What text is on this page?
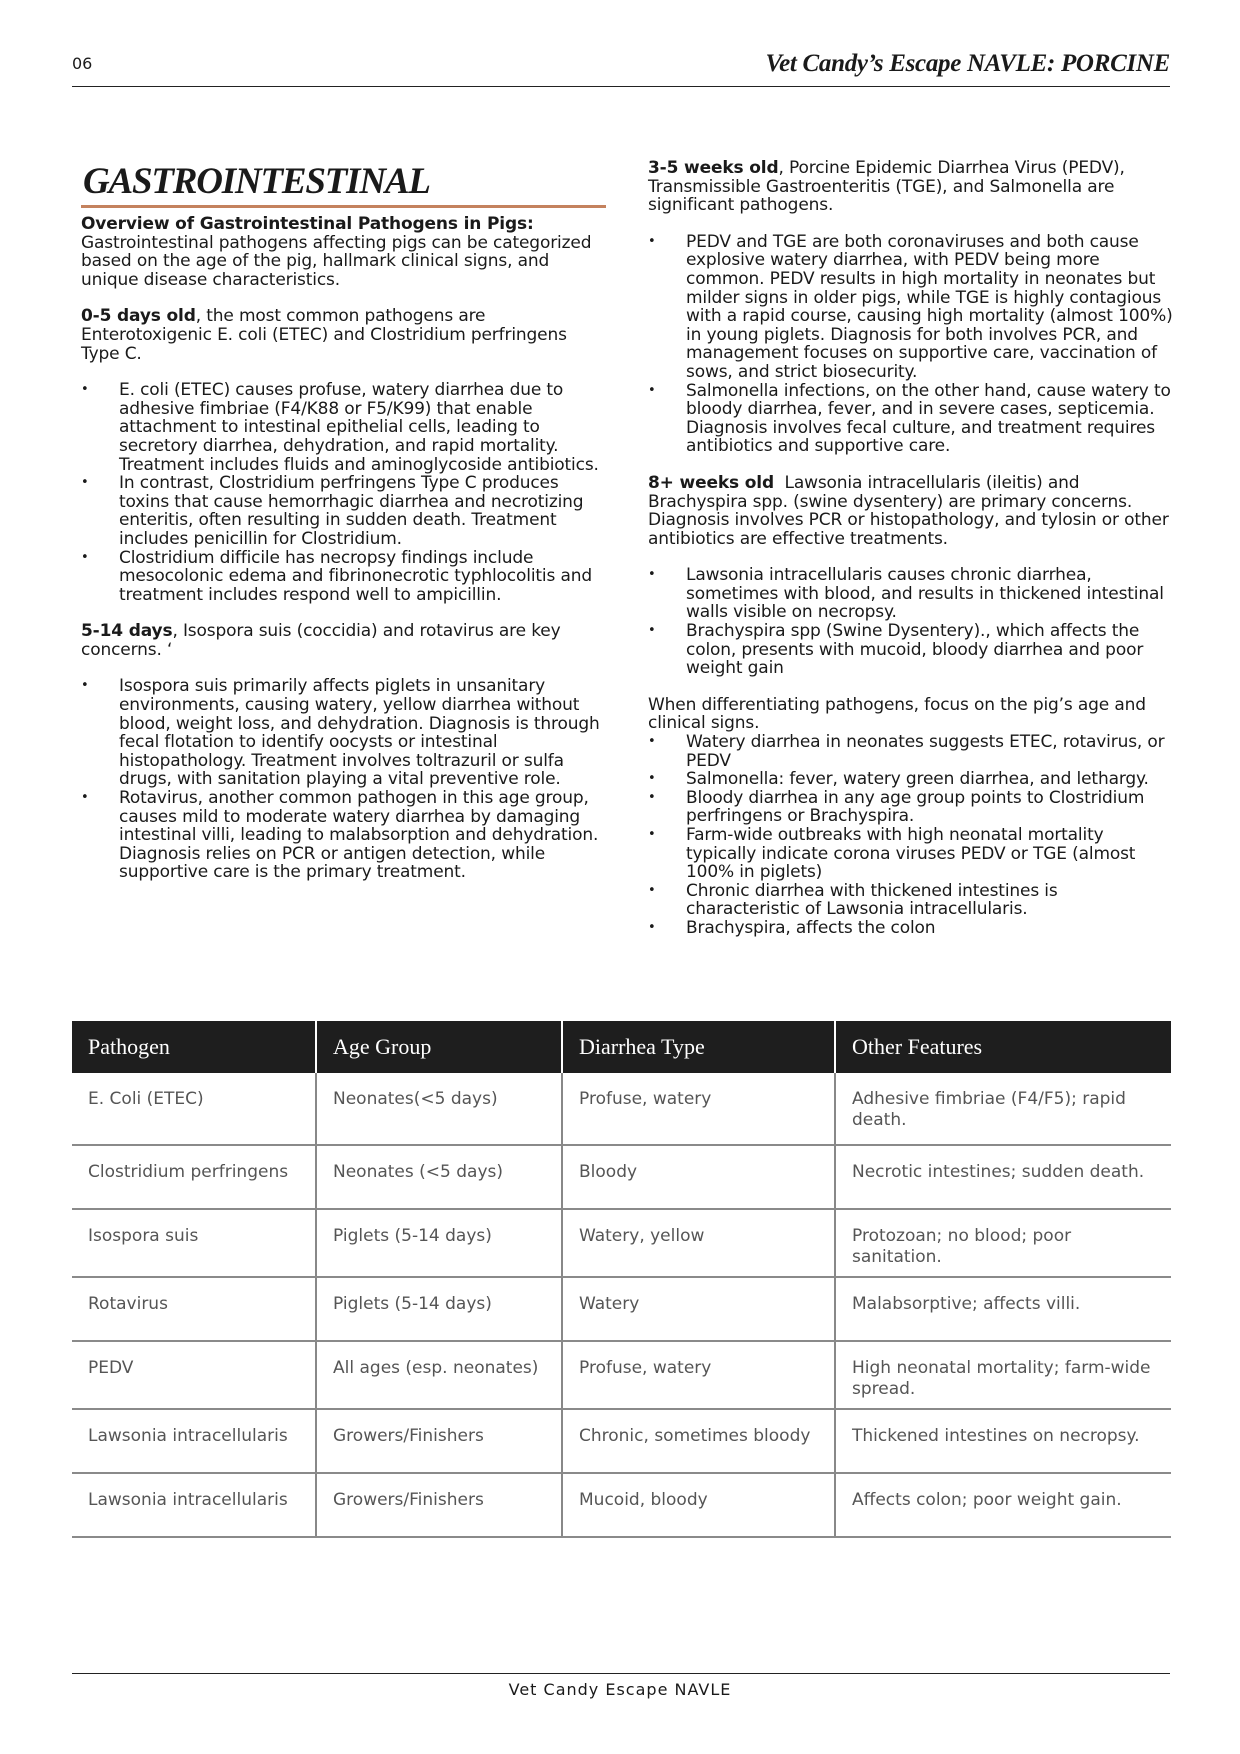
06	Vet Candy’s Escape NAVLE: PORCINE
GASTROINTESTINAL

Overview of Gastrointestinal Pathogens in Pigs:
Gastrointestinal pathogens affecting pigs can be categorized based on the age of the pig, hallmark clinical signs, and unique disease characteristics.

0-5 days old, the most common pathogens are Enterotoxigenic E. coli (ETEC) and Clostridium perfringens Type C.

• E. coli (ETEC) causes profuse, watery diarrhea due to adhesive fimbriae (F4/K88 or F5/K99) that enable attachment to intestinal epithelial cells, leading to secretory diarrhea, dehydration, and rapid mortality. Treatment includes fluids and aminoglycoside antibiotics.
• In contrast, Clostridium perfringens Type C produces toxins that cause hemorrhagic diarrhea and necrotizing enteritis, often resulting in sudden death. Treatment includes penicillin for Clostridium.
• Clostridium difficile has necropsy findings include mesocolonic edema and fibrinonecrotic typhlocolitis and treatment includes respond well to ampicillin.

5-14 days, Isospora suis (coccidia) and rotavirus are key concerns. ‘

• Isospora suis primarily affects piglets in unsanitary environments, causing watery, yellow diarrhea without blood, weight loss, and dehydration. Diagnosis is through fecal flotation to identify oocysts or intestinal histopathology. Treatment involves toltrazuril or sulfa drugs, with sanitation playing a vital preventive role.
• Rotavirus, another common pathogen in this age group, causes mild to moderate watery diarrhea by damaging intestinal villi, leading to malabsorption and dehydration. Diagnosis relies on PCR or antigen detection, while supportive care is the primary treatment.

3-5 weeks old, Porcine Epidemic Diarrhea Virus (PEDV), Transmissible Gastroenteritis (TGE), and Salmonella are significant pathogens.

• PEDV and TGE are both coronaviruses and both cause explosive watery diarrhea, with PEDV being more common. PEDV results in high mortality in neonates but milder signs in older pigs, while TGE is highly contagious with a rapid course, causing high mortality (almost 100%) in young piglets. Diagnosis for both involves PCR, and management focuses on supportive care, vaccination of sows, and strict biosecurity.
• Salmonella infections, on the other hand, cause watery to bloody diarrhea, fever, and in severe cases, septicemia. Diagnosis involves fecal culture, and treatment requires antibiotics and supportive care.

8+ weeks old  Lawsonia intracellularis (ileitis) and Brachyspira spp. (swine dysentery) are primary concerns.  Diagnosis involves PCR or histopathology, and tylosin or other antibiotics are effective treatments.

• Lawsonia intracellularis causes chronic diarrhea, sometimes with blood, and results in thickened intestinal walls visible on necropsy.
• Brachyspira spp (Swine Dysentery)., which affects the colon, presents with mucoid, bloody diarrhea and poor weight gain

When differentiating pathogens, focus on the pig’s age and clinical signs.

• Watery diarrhea in neonates suggests ETEC, rotavirus, or PEDV
• Salmonella: fever, watery green diarrhea, and lethargy.
• Bloody diarrhea in any age group points to Clostridium perfringens or Brachyspira.
• Farm-wide outbreaks with high neonatal mortality typically indicate corona viruses PEDV or TGE (almost 100% in piglets)
• Chronic diarrhea with thickened intestines is characteristic of Lawsonia intracellularis.
• Brachyspira, affects the colon
Pathogen	Age Group	Diarrhea Type	Other Features
E. Coli (ETEC)	Neonates(<5 days)	Profuse, watery	Adhesive fimbriae (F4/F5); rapid death.
Clostridium perfringens	Neonates (<5 days)	Bloody	Necrotic intestines; sudden death.
Isospora suis	Piglets (5-14 days)	Watery, yellow	Protozoan; no blood; poor sanitation.
Rotavirus	Piglets (5-14 days)	Watery	Malabsorptive; affects villi.
PEDV	All ages (esp. neonates)	Profuse, watery	High neonatal mortality; farm-wide spread.
Lawsonia intracellularis	Growers/Finishers	Chronic, sometimes bloody	Thickened intestines on necropsy.
Lawsonia intracellularis	Growers/Finishers	Mucoid, bloody	Affects colon; poor weight gain.
Vet Candy Escape NAVLE
